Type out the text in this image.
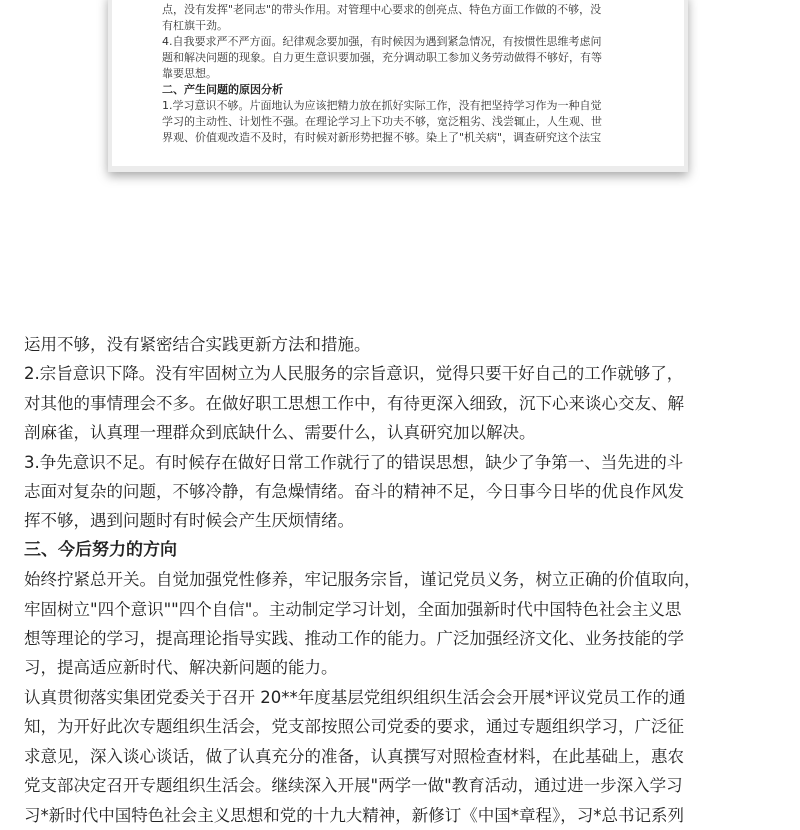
点，没有发挥"老同志"的带头作用。对管理中心要求的创亮点、特色方面工作做的不够，没

有杠旗干劲。

4.自我要求严不严方面。纪律观念要加强，有时候因为遇到紧急情况，有按惯性思维考虑问

题和解决问题的现象。自力更生意识要加强，充分调动职工参加义务劳动做得不够好，有等

靠要思想。

二、产生问题的原因分析

1.学习意识不够。片面地认为应该把精力放在抓好实际工作，没有把坚持学习作为一种自觉

学习的主动性、计划性不强。在理论学习上下功夫不够，宽泛粗劣、浅尝辄止，人生观、世

界观、价值观改造不及时，有时候对新形势把握不够。染上了"机关病"，调查研究这个法宝

运用不够，没有紧密结合实践更新方法和措施。

2.宗旨意识下降。没有牢固树立为人民服务的宗旨意识，觉得只要干好自己的工作就够了，

对其他的事情理会不多。在做好职工思想工作中，有待更深入细致，沉下心来谈心交友、解

剖麻雀，认真理一理群众到底缺什么、需要什么，认真研究加以解决。

3.争先意识不足。有时候存在做好日常工作就行了的错误思想，缺少了争第一、当先进的斗

志面对复杂的问题，不够冷静，有急燥情绪。奋斗的精神不足，今日事今日毕的优良作风发

挥不够，遇到问题时有时候会产生厌烦情绪。

三、今后努力的方向

始终拧紧总开关。自觉加强党性修养，牢记服务宗旨，谨记党员义务，树立正确的价值取向，

牢固树立"四个意识""四个自信"。主动制定学习计划，全面加强新时代中国特色社会主义思

想等理论的学习，提高理论指导实践、推动工作的能力。广泛加强经济文化、业务技能的学

习，提高适应新时代、解决新问题的能力。

认真贯彻落实集团党委关于召开 20**年度基层党组织组织生活会会开展*评议党员工作的通

知，为开好此次专题组织生活会，党支部按照公司党委的要求，通过专题组织学习，广泛征

求意见，深入谈心谈话，做了认真充分的准备，认真撰写对照检查材料，在此基础上，惠农

党支部决定召开专题组织生活会。继续深入开展"两学一做"教育活动，通过进一步深入学习

习*新时代中国特色社会主义思想和党的十九大精神，新修订《中国*章程》，习*总书记系列
